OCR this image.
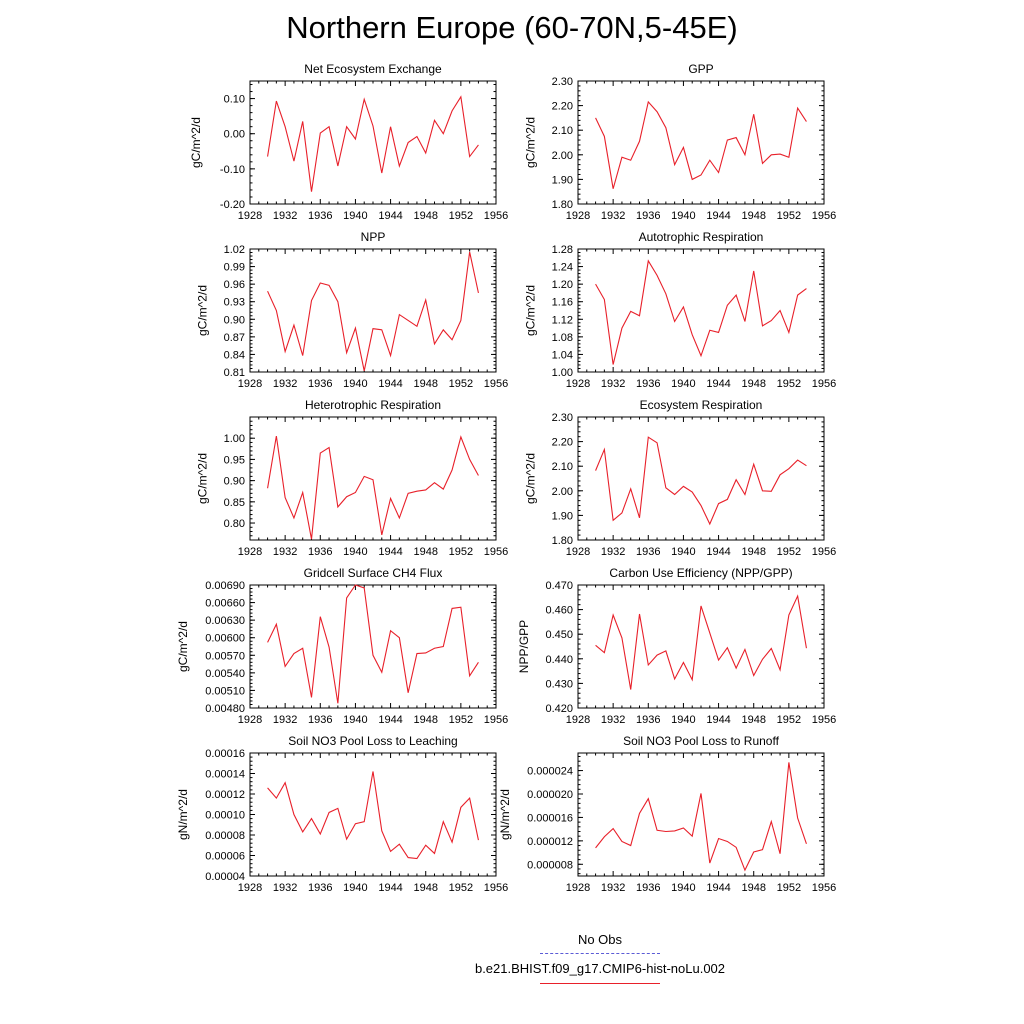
Northern Europe (60-70N,5-45E)
1928 1932 1936 1940 1944 1948 1952 1956
-0.20
-0.10
0.00
0.10
Net Ecosystem Exchange
gC/m^2/d
1928 1932 1936 1940 1944 1948 1952 1956
1.80
1.90
2.00
2.10
2.20
2.30
GPP
gC/m^2/d
1928 1932 1936 1940 1944 1948 1952 1956
0.81
0.84
0.87
0.90
0.93
0.96
0.99
1.02
NPP
gC/m^2/d
1928 1932 1936 1940 1944 1948 1952 1956
1.00
1.04
1.08
1.12
1.16
1.20
1.24
1.28
Autotrophic Respiration
gC/m^2/d
1928 1932 1936 1940 1944 1948 1952 1956
0.80
0.85
0.90
0.95
1.00
Heterotrophic Respiration
gC/m^2/d
1928 1932 1936 1940 1944 1948 1952 1956
1.80
1.90
2.00
2.10
2.20
2.30
Ecosystem Respiration
gC/m^2/d
1928 1932 1936 1940 1944 1948 1952 1956
0.00480
0.00510
0.00540
0.00570
0.00600
0.00630
0.00660
0.00690
Gridcell Surface CH4 Flux
gC/m^2/d
1928 1932 1936 1940 1944 1948 1952 1956
0.420
0.430
0.440
0.450
0.460
0.470
Carbon Use Efficiency (NPP/GPP)
NPP/GPP
1928 1932 1936 1940 1944 1948 1952 1956
0.00004
0.00006
0.00008
0.00010
0.00012
0.00014
0.00016
Soil NO3 Pool Loss to Leaching
gN/m^2/d
1928 1932 1936 1940 1944 1948 1952 1956
0.000008
0.000012
0.000016
0.000020
0.000024
Soil NO3 Pool Loss to Runoff
gN/m^2/d
No Obs
b.e21.BHIST.f09_g17.CMIP6-hist-noLu.002
